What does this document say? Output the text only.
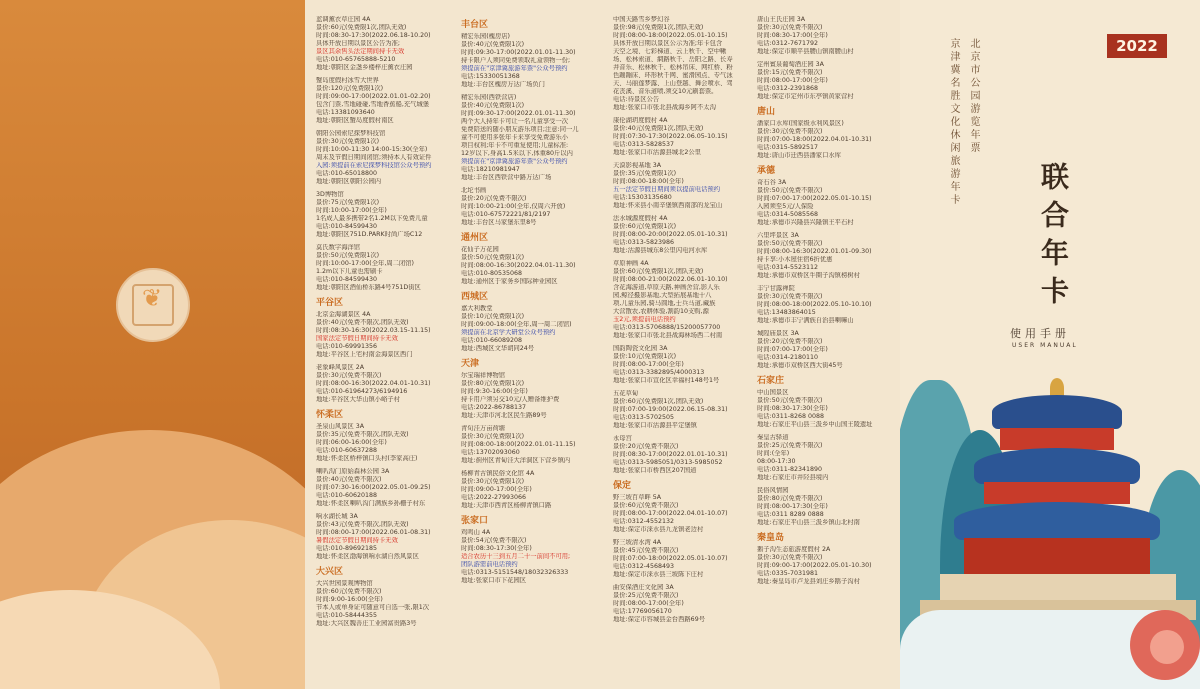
❦
蓝调薰衣草庄园 4A
景价:60元(免费限1次,团队无效)
时间:08:30-17:30(2022.06.18-10.20)
具体开放日期以景区公告为准;
景区其余售头法定期间持卡无效
电话:010-65765888-5210
地址:朝阳区金盏乡楼梓庄薰衣庄园
蟹岛度假村冰雪大世界
景价:120元(免费限1次)
时间:09:00-17:00(2022.01.01-02.20)
包含门票,雪地碰碰,雪地香蕉船,充气城堡
电话:13381093640
地址:朝阳区蟹岛度假村南区
朝阳公园索尼探梦科技馆
景价:30元(免费限1次)
时间:10:00-11:30 14:00-15:30(全年)
周末及节假日期间闭馆;须持本人有效证件
入园:须提前在索尼探梦科技馆公众号预约
电话:010-65018800
地址:朝阳区朝阳公园内
3D博物馆
景价:75元(免费限1次)
时间:10:00-17:00(全年)
1名成人最多携带2名1.2M以下免费儿童
电话:010-84599430
地址:朝阳区751D.PARK时尚广场C12
莫氏数字海洋馆
景价:50元(免费限1次)
时间:10:00-17:00(全年,周二闭馆)
1.2m以下儿童也需刷卡
电话:010-84599430
地址:朝阳区酒仙桥东路4号751D街区
平谷区
北京金海湖景区 4A
景价:40元(免费不限次,团队无效)
时间:08:30-16:30(2022.03.15-11.15)
国家法定节假日期间持卡无效
电话:010-69991356
地址:平谷区上宅村南金海景区西门
老象峰风景区 2A
景价:30元(免费不限次)
时间:08:00-16:30(2022.04.01-10.31)
电话:010-61964273/6194916
地址:平谷区大华山镇小峪子村
怀柔区
圣泉山风景区 3A
景价:35元(免费不限次,团队无效)
时间:06:00-16:00(全年)
电话:010-60637288
地址:怀柔区桥梓镇口头村(李家高庄)
喇叭沟门原始森林公园 3A
景价:40元(免费不限次)
时间:07:30-16:00(2022.05.01-09.25)
电话:010-60620188
地址:怀柔区喇叭沟门满族乡孙栅子村东
响水湖长城 3A
景价:43元(免费不限次,团队无效)
时间:08:00-17:00(2022.06.01-08.31)
暑假法定节假日期间持卡无效
电话:010-89692185
地址:怀柔区渤海镇响水湖自然风景区
大兴区
大兴世园景观博物馆
景价:60元(免费不限次)
时间:9:00-16:00(全年)
节本人或单身证可随意可自选一张,限1次
电话:010-58444355
地址:大兴区魏善庄工业园富贵路3号
丰台区
精宏乐园(槐房店)
景价:40元(免费限1次)
时间:09:30-17:00(2022.01.01-11.30)
持卡限户人须同免费领取礼盒领物一份;
须提前在"京津冀旅游年票"公众号预约
电话:15330051368
地址:丰台区槐房万达广场负门
精宏乐园(西铁营店)
景价:40元(免费限1次)
时间:09:30-17:00(2022.01.01-11.30)
两个大人持年卡可让一名儿童享受一次
免费陪送的随小朋友游乐项目;注意:同一儿
童不可使用多张年卡来享受免费游乐小
项目权利;年卡不可重复使用;儿童标准:
12岁以下,身高1.5米以下,体重80斤以内
须提前在"京津冀旅游年票"公众号预约
电话:18210981947
地址:丰台区西铁营中路万达广场
北坨书画
景价:20元(免费不限次)
时间:10:00-21:00(全年,仅周六开放)
电话:010-67572221/81/2197
地址:丰台区马家堡东里8号
通州区
花仙子万花园
景价:50元(免费限1次)
时间:08:00-16:30(2022.04.01-11.30)
电话:010-80535068
地址:通州区于家务乡国际种业园区
西城区
嘉大利教堂
景价:10元(免费限1次)
时间:09:00-18:00(全年,周一周二闭馆)
须提前在北京学大研堂公众号预约
电话:010-66089208
地址:西城区文华胡同24号
天津
尔宝瑞祥博物馆
景价:80元(免费限1次)
时间:9:30-16:00(全年)
持卡用户须另交10元/人赠备维护费
电话:2022-86788137
地址:天津市河北区民生路89号
青旬洼万亩荷塘
景价:30元(免费限1次)
时间:08:00-18:00(2022.01.01-11.15)
电话:13702093060
地址:蓟州区青甸洼大洋洞区下营乡镇内
杨柳青古镇民俗文化馆 4A
景价:30元(免费限1次)
时间:09:00-17:00(全年)
电话:2022-27993066
地址:天津市西青区杨柳青镇口路
张家口
鸡鸣山 4A
景价:54元(免费不限次)
时间:08:30-17:30(全年)
适合农历十三到五月二十一前间不可用;
团队游需前电话预约
电话:0313-5151548/18032326333
地址:张家口市下花园区
中国天路雪乡梦幻谷
景价:98元(免费限1次,团队无效)
时间:08:00-18:00(2022.05.01-10.15)
具体开放日期以景区公示为准;年卡包含
天空之境、七彩梯道、云上秋千、空中鞦
场、松林索道、網路秋千、岳阳之路、长寿
井音乐、松林秋千、松林吊床、网红桥、粉
色蹦蹦床、环形秋千网、蜜滑园点、专气泳
天、马丽莲梦露、上山登越、舞会喷水、驾
花丧溪、音乐道喷,须交10元刷套票。
电话:待景区公告
地址:张家口市张北县战海乡阿不太沟
康伦湖玥度假村 4A
景价:40元(免费限1次,团队无效)
时间:07:30-17:30(2022.06.05-10.15)
电话:0313-5828537
地址:张家口市沽源县城北2公里
天漠影视基地 3A
景价:35元(免费限1次)
时间:08:00-18:00(全年)
五一法定节假日期间须以提前电话预约
电话:15303135680
地址:怀来县小南辛堡镇西南部的龙宝山
法水城源度假村 4A
景价:60元(免费限1次)
时间:08:00-20:00(2022.05.01-10.31)
电话:0313-5823986
地址:沽源县城东8公里闪电河水库
草原神画 4A
景价:60元(免费限1次,团队无效)
时间:08:00-21:00(2022.06.01-10.10)
含花海游道,草原天路,神画舍营,影人乐
园,鲸径摄影基地,大型拓展基地十八
项,儿童乐园,骑马圆地,士兵马道,藏族
大营散农,农耕体验,割韵10支购,源
玉2元,须提前电话预约
电话:0313-5706888/15200057700
地址:张家口市张北县战海林场西二村南
国韵陶瓷文化园 3A
景价:10元(免费限1次)
时间:08:00-17:00(全年)
电话:0313-3382895/4000313
地址:张家口市宣化区幸福村148号1号
五花草甸
景价:60元(免费限1次,团队无效)
时间:07:00-19:00(2022.06.15-08.31)
电话:0313-5702505
地址:张家口市沽源县平定堡镇
永母宫
景价:20元(免费不限次)
时间:08:30-17:00(2022.01.01-10.31)
电话:0313-5985051/0313-5985052
地址:张家口市桥西区207国道
保定
野三坡百草畔 5A
景价:60元(免费不限次)
时间:08:00-17:00(2022.04.01-10.07)
电话:0312-4552132
地址:保定市涞水县九龙镇老边村
野三坡清水湾 4A
景价:45元(免费不限次)
时间:07:00-18:00(2022.05.01-10.07)
电话:0312-4568493
地址:保定市涞水县三坡陈下庄村
曲安保酒庄文化园 3A
景价:25元(免费不限次)
时间:08:00-17:00(全年)
电话:17769056170
地址:保定市容城县金台西路69号
唐山王氏庄园 3A
景价:30元(免费不限次)
时间:08:30-17:00(全年)
电话:0312-7671792
地址:保定市顺平县腰山镇南腰山村
定州賓泉葡萄酒庄园 3A
景价:15元(免费不限次)
时间:08:00-17:00(全年)
电话:0312-2391868
地址:保定市定州市东亭镇黄家营村
唐山
潘家口水库(国家级水利风景区)
景价:30元(免费不限次)
时间:07:00-18:00(2022.04.01-10.31)
电话:0315-5892517
地址:唐山市迁西县潘家口水库
承德
奇石谷 3A
景价:50元(免费不限次)
时间:07:00-17:00(2022.05.01-10.15)
入园须至5元/人保险
电话:0314-5085568
地址:承德市兴隆县兴隆镇王平石村
六里坪景区 3A
景价:50元(免费不限次)
时间:08:00-16:30(2022.01.01-09.30)
持卡享:小木屋住宿6折优惠
电话:0314-5523112
地址:承德市双桥区牛圈子沟镇榜树村
丰宁甘露禅院
景价:30元(免费不限次)
时间:08:00-18:00(2022.05.10-10.10)
电话:13483864015
地址:承德市丰宁满族自治县喇嘛山
城隍庙景区 3A
景价:20元(免费不限次)
时间:07:00-17:00(全年)
电话:0314-2180110
地址:承德市双桥区西大街45号
石家庄
中山国景区
景价:50元(免费不限次)
时间:08:30-17:30(全年)
电话:0311-8268 0088
地址:石家庄平山县三汲乡中山国王陵遗址
秦皇古驿道
景价:25元(免费不限次)
时间:(全年)
08:00-17:30
电话:0311-82341890
地址:石家庄市井陉县境内
民俗风情园
景价:80元(免费不限次)
时间:08:00-17:30(全年)
电话:0311 8289 0888
地址:石家庄平山县三汲乡镇山北村南
秦皇岛
鹅子沟生态旅游度假村 2A
景价:30元(免费不限次)
时间:09:00-17:00(2022.05.01-10.30)
电话:0335-7031981
地址:秦皇岛市卢龙县刘庄乡鹅子沟村
2022
北京市公园游览年票
京津冀名胜文化休闲旅游年卡
联合年卡
使用手册
USER MANUAL
